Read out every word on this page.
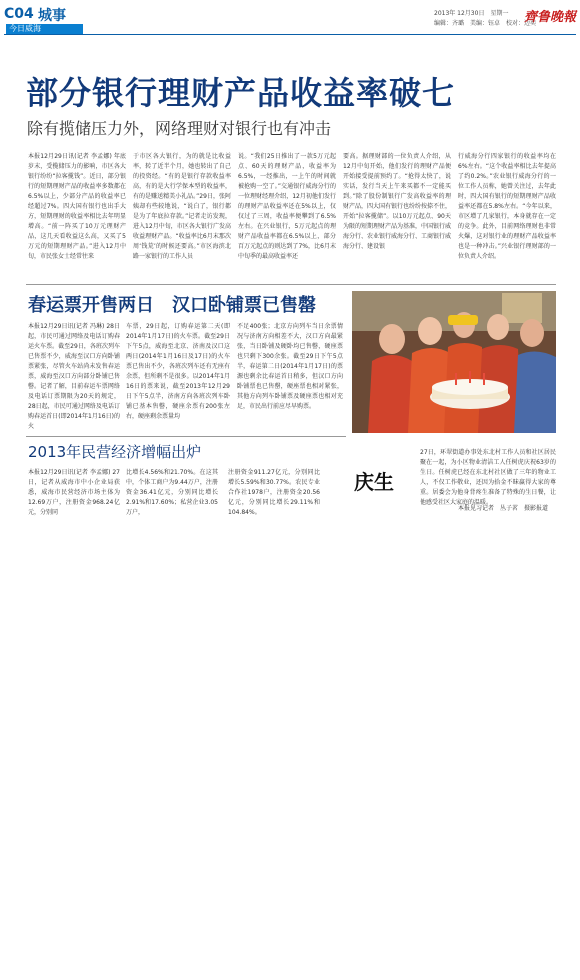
C04 城事
今日威海
2013年 12月30日　星期一
编辑：齐璐　美编：钰卓　校对：边奕
齊鲁晚報
部分银行理财产品收益率破七
除有揽储压力外，网络理财对银行也有冲击

本报12月29日讯(记者 李孟娜) 年底岁末，受揽储压力的影响，市区各大银行纷纷“拉客揽钱”。近日，部分银行的短期理财产品的收益率多数都在6.5%以上，少部分产品的收益率已经超过7%。四大国有银行也出手大方，短期理财的收益率相比去年明显增高。“前一阵买了10万元理财产品，这几天看收益这么高，又买了5万元的短期理财产品。”进入12月中旬，市民张女士经常往来

于市区各大银行，为的就是比收益率，转了近半个月，她也转出了自己的投资经。“有的是银行存款收益率高，有的是大行学保本型的收益率，有的是赚送精美小礼品。”29日，张阿姨却有些较地说，“说白了，银行都是为了年底拉存款。”记者走访发现，进入12月中旬，市区各大银行广发高收益理财产品。“收益率比6月末那次周‘钱荒’的时候还要高。”市区海滨北路一家银行的工作人员

说。“我们25日推出了一款5万元起点、60天的理财产品，收益率为6.5%，一经推出，一上午的时间就被抢购一空了。”交通银行威海分行的一位理财经理介绍，12月初他们发行的理财产品收益率还在5%以上，仅仅过了三周，收益率便攀到了6.5%左右。在兴业银行，5万元起点的理财产品收益率都在6.5%以上，部分百万元起点的则达到了7%，比6月末中旬季的最高收益率还

要高。据理财部的一位负责人介绍，从12月中旬开始，他们发行的理财产品便开始接受提前预约了。“抢得太快了，说实话，发行当天上午来买都不一定能买到。”除了股份制银行广发高收益率的理财产品，四大国有银行也纷纷按捺不住，开始“拉客揽储”。以10万元起点、90天为限的短期理财产品为基准，中国银行威海分行、农业银行威海分行、工商银行威海分行、建设银

行威海分行四家银行的收益率均在6%左右。“这个收益率相比去年提高了约0.2%。”农业银行威海分行的一位工作人员称，她曾关注过，去年此时，四大国有银行的短期理财产品收益率还都在5.8%左右。“今年以来，市区增了几家银行，本身就存在一定的竞争。此外，目前网络理财也非常火爆，这对银行业的理财产品收益率也是一种冲击。”兴业银行理财部的一位负责人介绍。

春运票开售两日　汉口卧铺票已售罄

本报12月29日讯(记者 冯琳) 28日起，市民可通过网络及电话订购春运火车票。截至29日，各班次列车已售票不少，威海至汉口方向卧铺票紧张，尽管火车站尚未发售春运票，威海至汉口方向部分卧铺已售罄。记者了解，目前春运车票网络及电话订票期限为20天的规定，28日起，市民可通过网络及电话订购春运首日(即2014年1月16日)的火

车票，29日起，订购春运第二天(即2014年1月17日)的火车票。截至29日下午5点，威海至北京、济南及汉口这两日(2014年1月16日及17日)的火车票已售出不少，各班次列车还有无座有余票，但所剩不是很多。以2014年1月16日的票来说，截至2013年12月29日下午5点半，济南方向各班次列车卧铺已基本售罄，硬座余票有200张左右，硬座剩余票量均

不足400张；北京方向列车当日余票情况与济南方向相差不大，汉口方向最紧张，当日卧铺及硬卧均已售罄，硬座票也只剩下300余张。截至29日下午5点半，春运第二日(2014年1月17日)的票源也剩余比春运首日稍多，但汉口方向卧铺票也已售罄，硬座票也相对紧张，其他方向列车卧铺票及硬座票也相对充足，市民出行前应尽早购票。

2013年民营经济增幅出炉

本报12月29日讯(记者 李孟娜) 27日，记者从威海市中小企业局获悉，威海市民营经济市场主体为12.69万户，注册资金968.24亿元，分别同

比增长4.56%和21.70%。在这其中，个体工商户为9.44万户，注册资金36.41亿元，分别同比增长2.91%和17.60%；私营企业3.05万户，

注册资金911.27亿元，分别同比增长5.59%和30.77%。农民专业合作社1978户，注册资金20.56亿元，分别同比增长29.11%和104.84%。

庆生

27日，环翠街道办事处东北村工作人员和社区居民聚在一起，为小区物业清洁工人任树虎庆祝63岁的生日。任树虎已经在东北村社区做了三年的物业工人，不仅工作敬业，还因为拾金不昧赢得大家的尊重。居委会为他身背疼生准备了特殊的生日餐，让他感受社区大家庭的温暖。

本报见习记者　丛子茗　摄影报道
